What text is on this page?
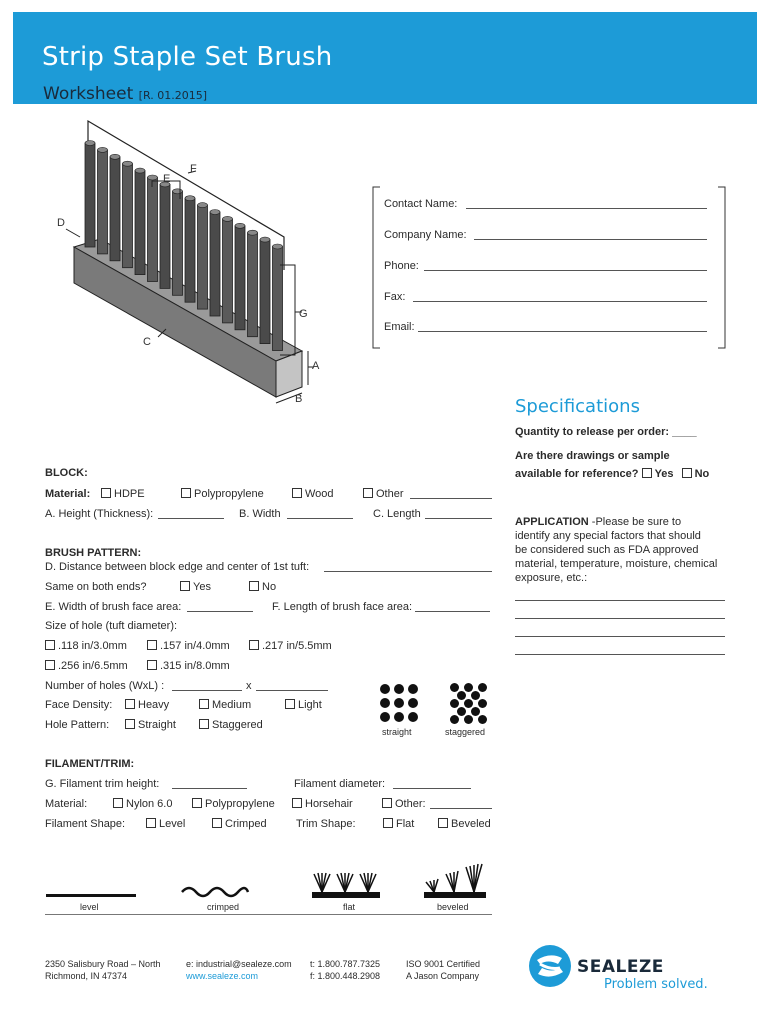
Strip Staple Set Brush
Worksheet [R. 01.2015]
D
E
F
G
A
B
C
Contact Name:
Company Name:
Phone:
Fax:
Email:
Specifications
Quantity to release per order: ____
Are there drawings or sample
available for reference? Yes No
APPLICATION -Please be sure to
identify any special factors that should
be considered such as FDA approved
material, temperature, moisture, chemical
exposure, etc.:
BLOCK:
Material:	HDPE	Polypropylene	Wood	Other
A. Height (Thickness):	B. Width	C. Length
BRUSH PATTERN:
D. Distance between block edge and center of 1st tuft:
Same on both ends?	Yes	No
E. Width of brush face area:	F. Length of brush face area:
Size of hole (tuft diameter):
.118 in/3.0mm	.157 in/4.0mm	.217 in/5.5mm
.256 in/6.5mm	.315 in/8.0mm
Number of holes (WxL) :	x
Face Density:	Heavy	Medium	Light
Hole Pattern:	Straight	Staggered
straight	staggered
FILAMENT/TRIM:
G. Filament trim height:	Filament diameter:
Material:	Nylon 6.0	Polypropylene	Horsehair	Other:
Filament Shape:	Level	Crimped	Trim Shape:	Flat	Beveled
level	crimped	flat	beveled
2350 Salisbury Road – North
Richmond, IN 47374
e: industrial@sealeze.com
www.sealeze.com
t: 1.800.787.7325
f: 1.800.448.2908
ISO 9001 Certified
A Jason Company	SEALEZE
Problem solved.
